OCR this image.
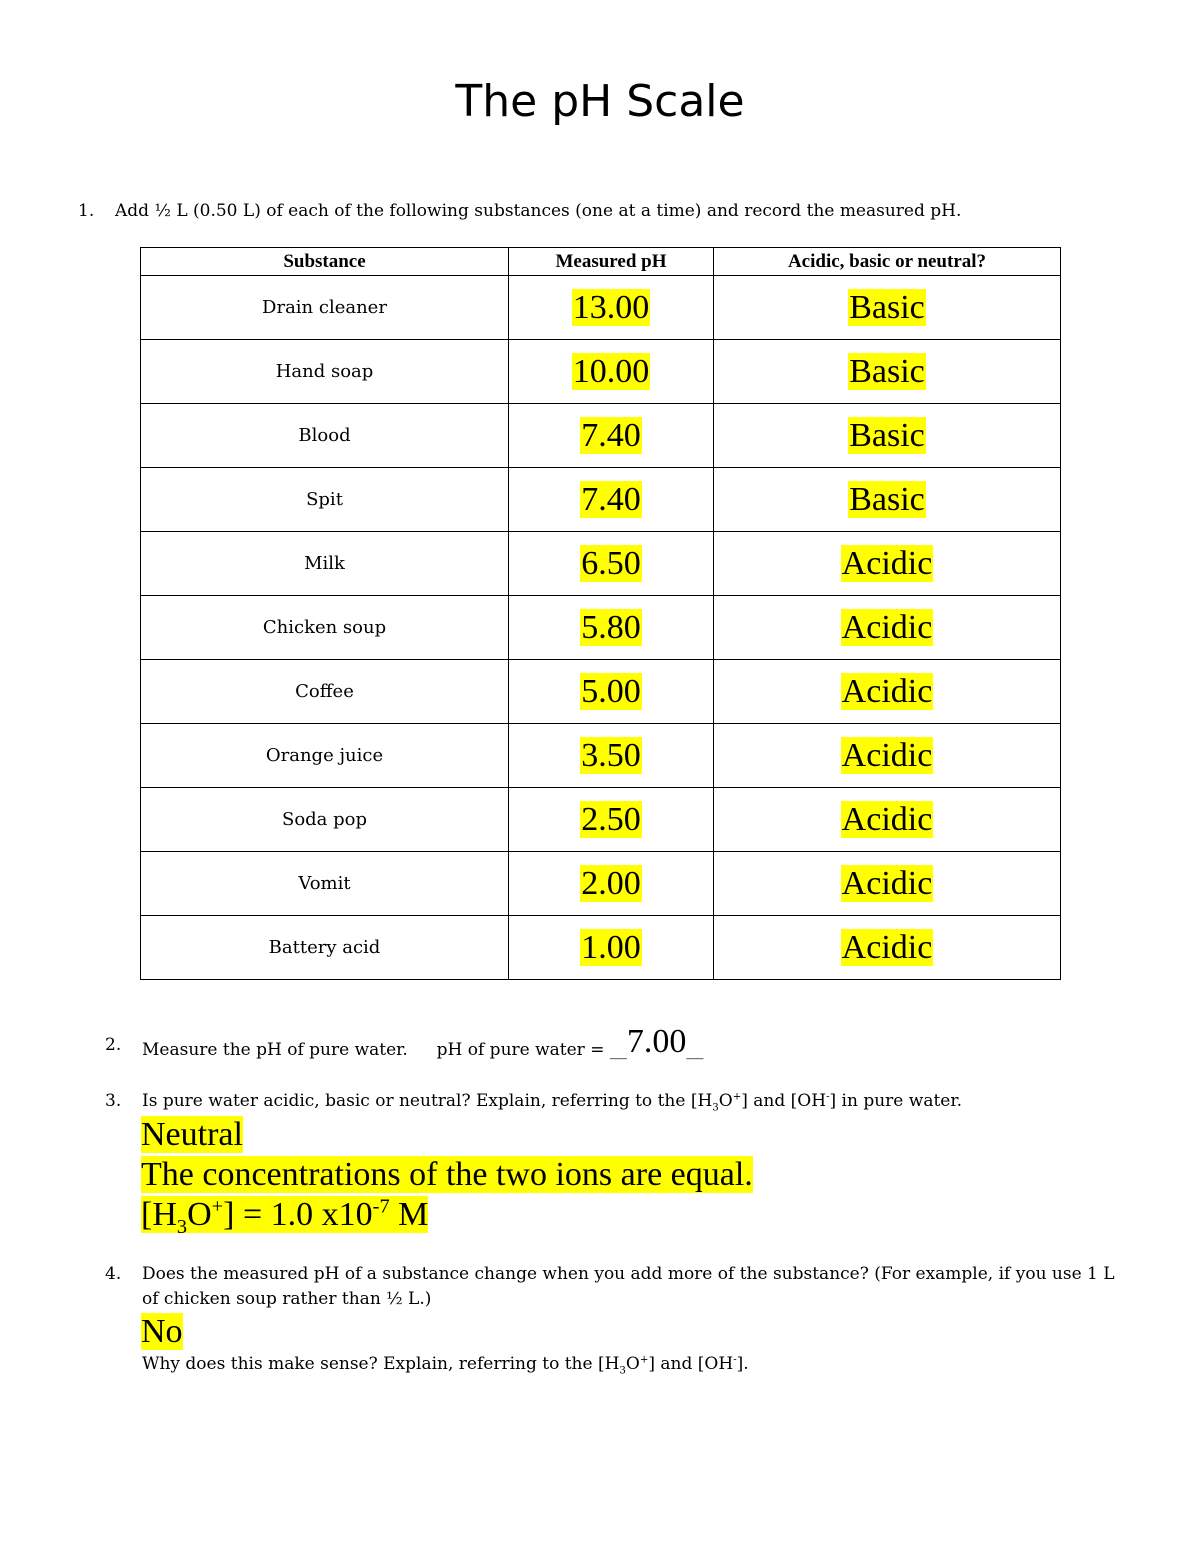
The pH Scale
1. Add ½ L (0.50 L) of each of the following substances (one at a time) and record the measured pH.
Substance	Measured pH	Acidic, basic or neutral?
Drain cleaner	13.00	Basic
Hand soap	10.00	Basic
Blood	7.40	Basic
Spit	7.40	Basic
Milk	6.50	Acidic
Chicken soup	5.80	Acidic
Coffee	5.00	Acidic
Orange juice	3.50	Acidic
Soda pop	2.50	Acidic
Vomit	2.00	Acidic
Battery acid	1.00	Acidic
2. Measure the pH of pure water. pH of pure water = __7.00__
3. Is pure water acidic, basic or neutral? Explain, referring to the $[H_3O^+]$ and [OH-] in pure water.
Neutral
The concentrations of the two ions are equal.
$[H_3O^+] = 1.0$ $x10^{-7}$ M
4. Does the measured pH of a substance change when you add more of the substance? (For example, if you use 1 L
of chicken soup rather than ½ L.)
No
Why does this make sense? Explain, referring to the $[H_3O^+]$ and [OH-].
